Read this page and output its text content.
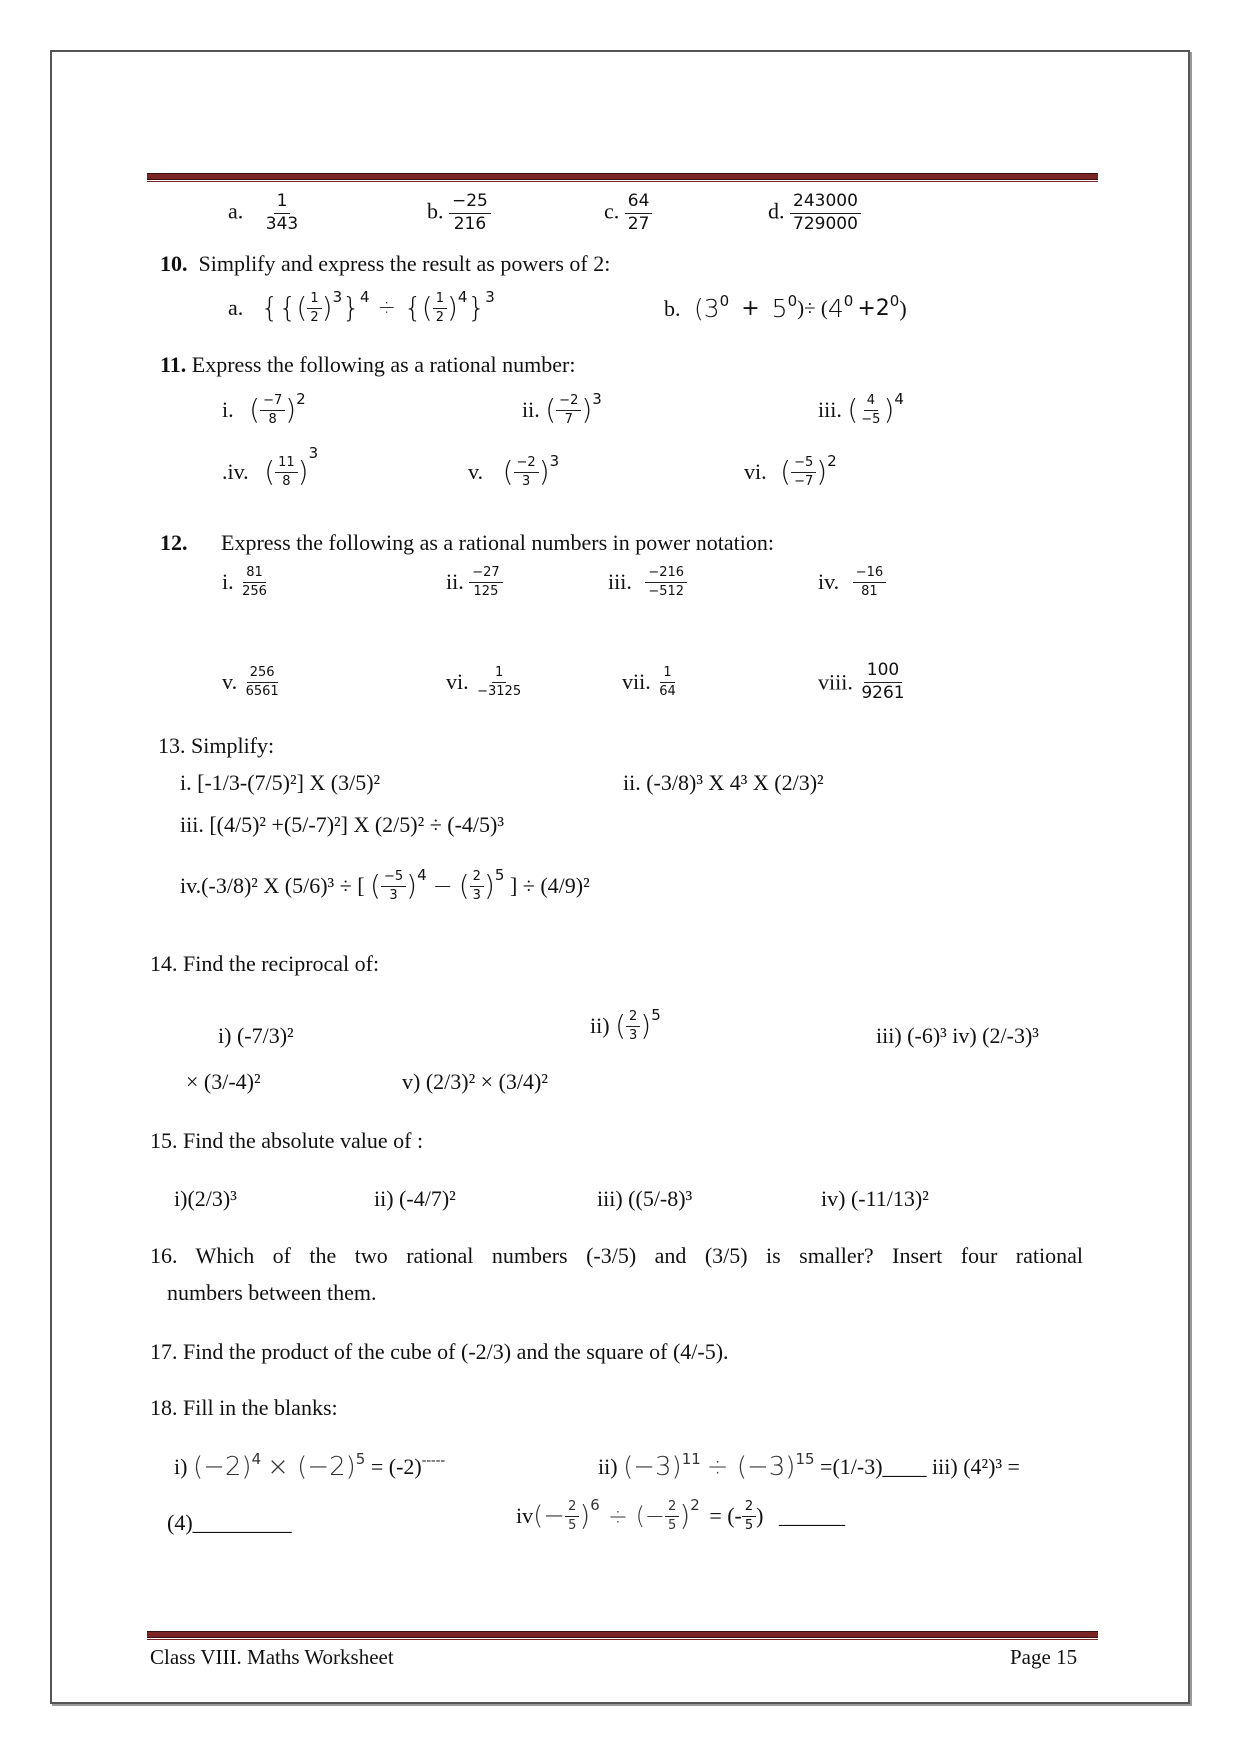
a. $\frac{1}{343}$	b. $\frac{-25}{216}$	c. $\frac{64}{27}$	d. $\frac{243000}{729000}$
10. Simplify and express the result as powers of 2:
a. { { ( $\frac{1}{2}$ ) 3 } 4 ÷ { ( $\frac{1}{2}$ ) 4 } 3	b. (3 0 + 5 0 )÷ ( 4 0 +2 0 )
11. Express the following as a rational number:
i. ( $\frac{-7}{8}$ ) 2	ii. ( $\frac{-2}{7}$ ) 3	iii. ( $\frac{4}{-5}$ ) 4
.iv. ( $\frac{11}{8}$ )
3
v. ( $\frac{-2}{3}$ ) 3	vi. ( $\frac{-5}{-7}$ ) 2
12. Express the following as a rational numbers in power notation:
i. $\frac{81}{256}$	ii. $\frac{-27}{125}$	iii. $\frac{-216}{-512}$	iv. $\frac{-16}{81}$
v. $\frac{256}{6561}$	vi. $\frac{1}{-3125}$	vii. $\frac{1}{64}$	viii. $\frac{100}{9261}$
13. Simplify:
i. [-1/3-(7/5)²] X (3/5)²	ii. (-3/8)³ X 4³ X (2/3)²
iii. [(4/5)² +(5/-7)²] X (2/5)² ÷ (-4/5)³
iv.(-3/8)² X (5/6)³ ÷ [ ( $\frac{-5}{3}$ ) 4 − ( $\frac{2}{3}$ ) 5 ] ÷ (4/9)²
14. Find the reciprocal of:
i) (-7/3)²	ii) ( $\frac{2}{3}$ ) 5
iii) (-6)³ iv) (2/-3)³
× (3/-4)²	v) (2/3)² × (3/4)²
15. Find the absolute value of :
i)(2/3)³	ii) (-4/7)²	iii) ((5/-8)³	iv) (-11/13)²
16. Which of the two rational numbers (-3/5) and (3/5) is smaller? Insert four rational
numbers between them.
17. Find the product of the cube of (-2/3) and the square of (4/-5).
18. Fill in the blanks:
i) (−2) 4 × (−2) 5 = (-2)-----	ii) (−3) 11 ÷ (−3) 15 =(1/-3)____ iii) (4²)³ =
(4)_________	iv (− $\frac{2}{5}$ ) 6 ÷ (− $\frac{2}{5}$ ) 2 = (- $\frac{2}{5}$ ) ______
Class VIII. Maths Worksheet	Page 15
